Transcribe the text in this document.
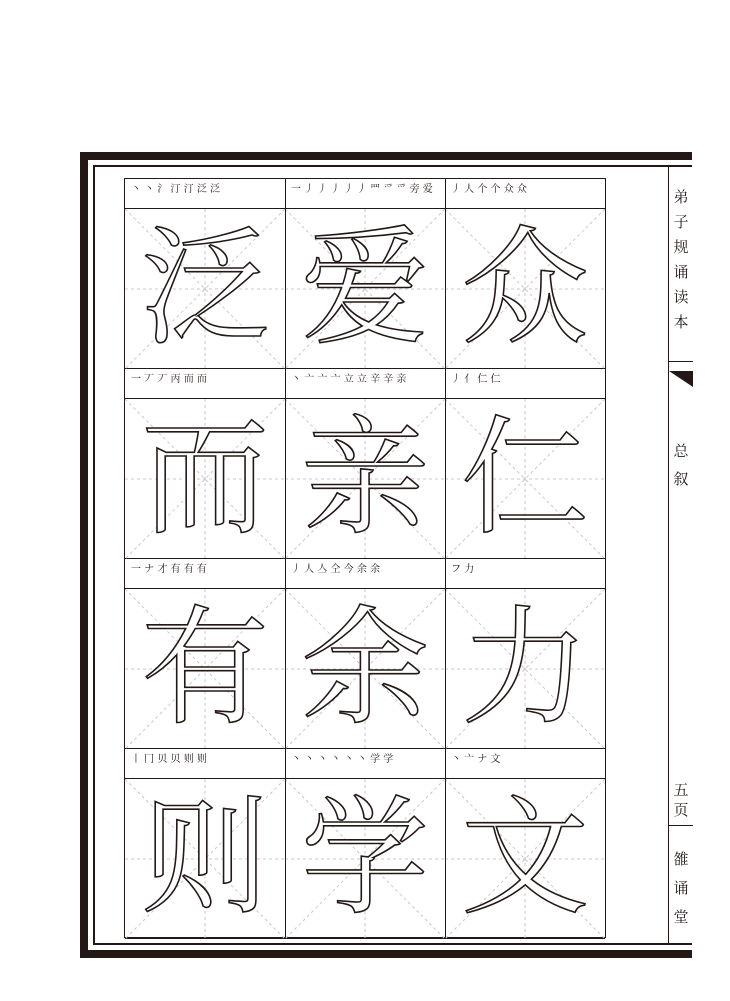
丶 丶 氵 汀 汀 泛 泛
泛
一 丿 丿 丿 丿 丿 罒 爫 爫 旁 爱
爱
丿 人 个 个 众 众
众
一 丆 丆 丙 而 而
而
丶 亠 亠 亠 立 立 辛 辛 亲
亲
丿 亻 仁 仁
仁
一 ナ 才 有 有 有
有
丿 人 亼 仝 今 余 余
余
フ 力
力
丨 冂 贝 贝 则 则
则
丶 丶 丶 丶 丶 丶 学 学
学
丶 亠 ナ 文
文
弟
子
规
诵
读
本
总
叙
五
页
雒
诵
堂
